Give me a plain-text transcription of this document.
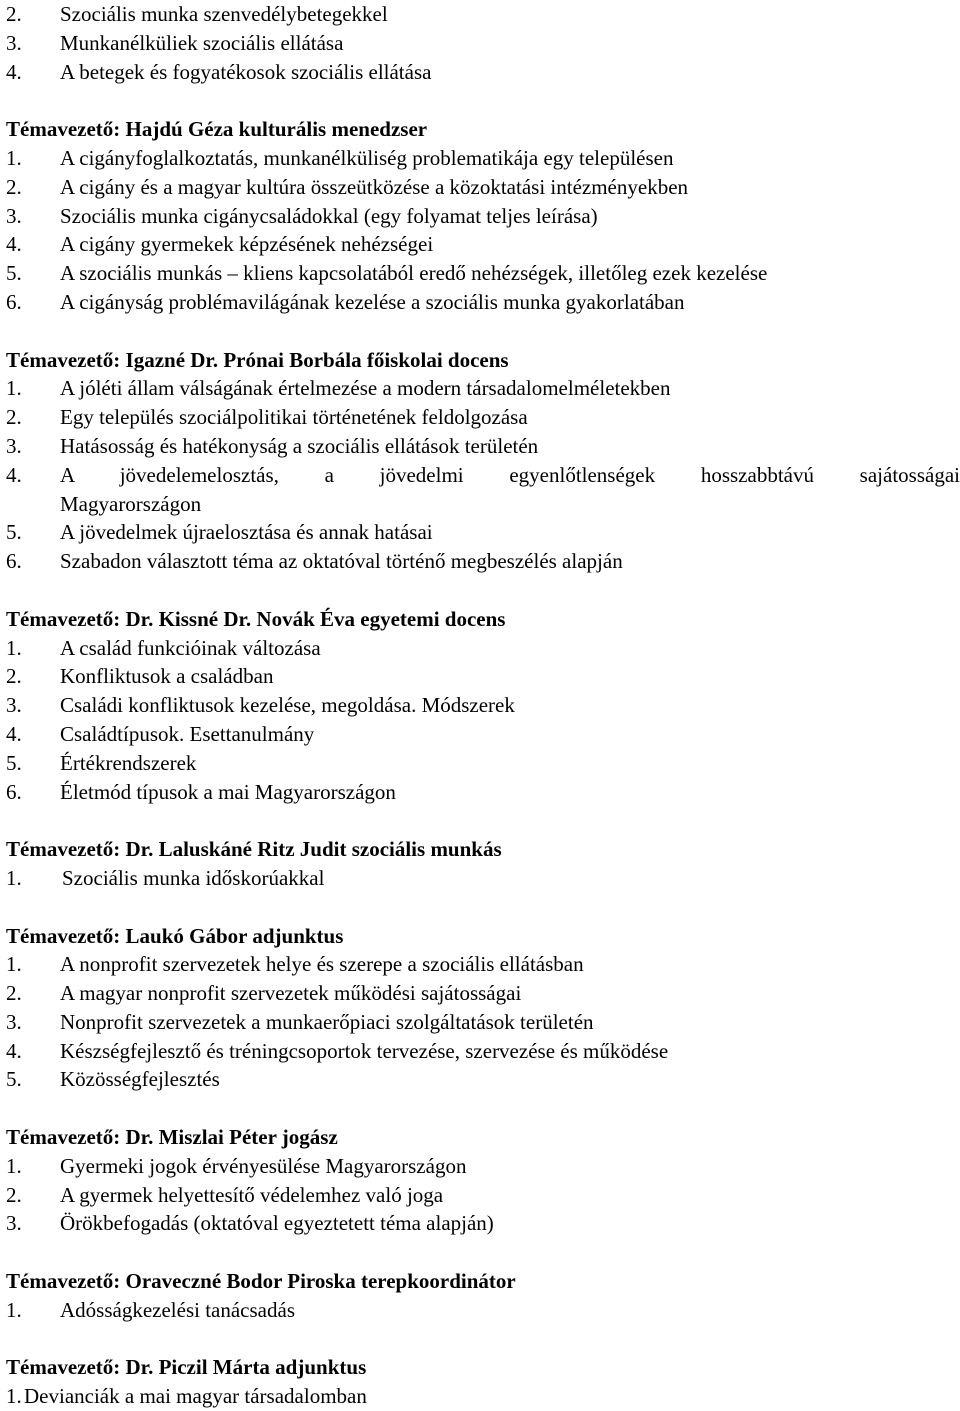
2.	Szociális munka szenvedélybetegekkel
3.	Munkanélküliek szociális ellátása
4.	A betegek és fogyatékosok szociális ellátása
Témavezető: Hajdú Géza kulturális menedzser
1.	A cigányfoglalkoztatás, munkanélküliség problematikája egy településen
2.	A cigány és a magyar kultúra összeütközése a közoktatási intézményekben
3.	Szociális munka cigánycsaládokkal (egy folyamat teljes leírása)
4.	A cigány gyermekek képzésének nehézségei
5.	A szociális munkás – kliens kapcsolatából eredő nehézségek, illetőleg ezek kezelése
6.	A cigányság problémavilágának kezelése a szociális munka gyakorlatában
Témavezető: Igazné Dr. Prónai Borbála főiskolai docens
1.	A jóléti állam válságának értelmezése a modern társadalomelméletekben
2.	Egy település szociálpolitikai történetének feldolgozása
3.	Hatásosság és hatékonyság a szociális ellátások területén
4.	A jövedelemelosztás, a jövedelmi egyenlőtlenségek hosszabbtávú sajátosságai
Magyarországon
5.	A jövedelmek újraelosztása és annak hatásai
6.	Szabadon választott téma az oktatóval történő megbeszélés alapján
Témavezető: Dr. Kissné Dr. Novák Éva egyetemi docens
1.	A család funkcióinak változása
2.	Konfliktusok a családban
3.	Családi konfliktusok kezelése, megoldása. Módszerek
4.	Családtípusok. Esettanulmány
5.	Értékrendszerek
6.	Életmód típusok a mai Magyarországon
Témavezető: Dr. Laluskáné Ritz Judit szociális munkás
1.	Szociális munka időskorúakkal
Témavezető: Laukó Gábor adjunktus
1.	A nonprofit szervezetek helye és szerepe a szociális ellátásban
2.	A magyar nonprofit szervezetek működési sajátosságai
3.	Nonprofit szervezetek a munkaerőpiaci szolgáltatások területén
4.	Készségfejlesztő és tréningcsoportok tervezése, szervezése és működése
5.	Közösségfejlesztés
Témavezető: Dr. Miszlai Péter jogász
1.	Gyermeki jogok érvényesülése Magyarországon
2.	A gyermek helyettesítő védelemhez való joga
3.	Örökbefogadás (oktatóval egyeztetett téma alapján)
Témavezető: Oraveczné Bodor Piroska terepkoordinátor
1.	Adósságkezelési tanácsadás
Témavezető: Dr. Piczil Márta adjunktus
1. Devianciák a mai magyar társadalomban
